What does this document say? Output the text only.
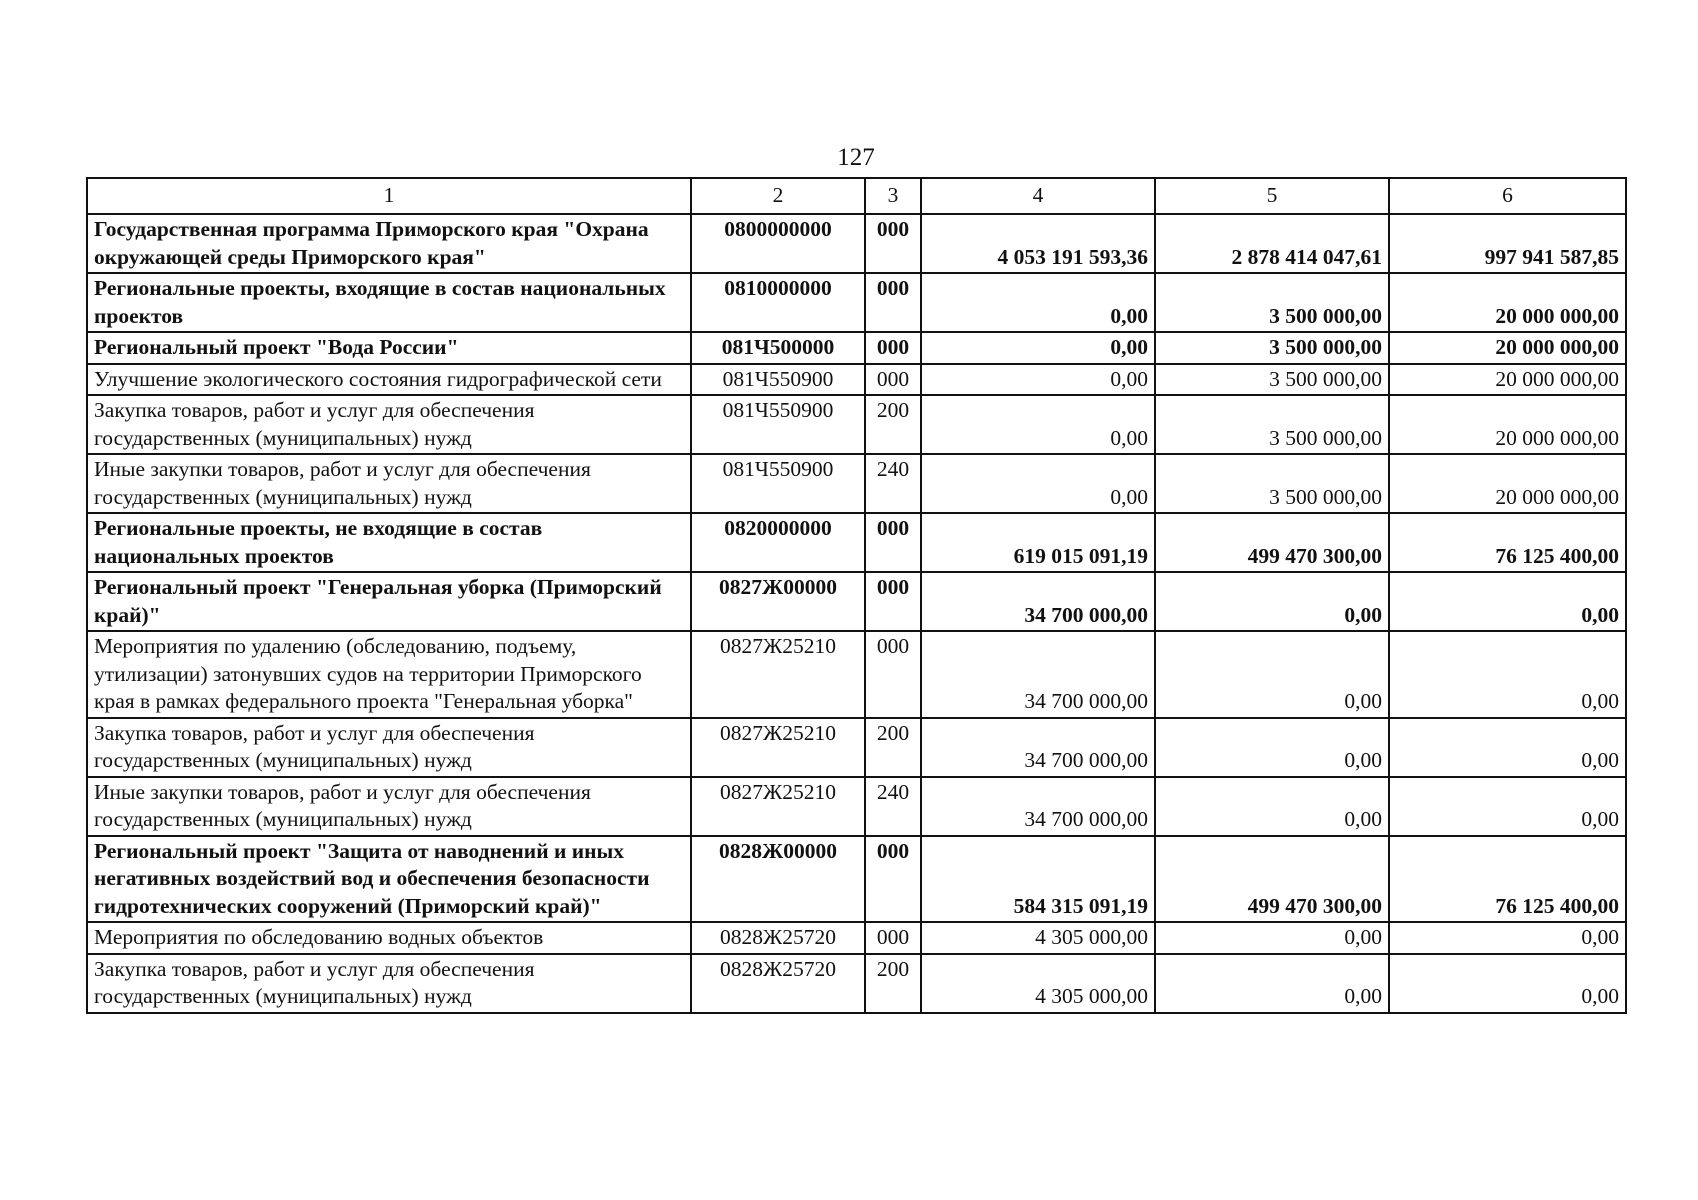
127
1	2	3	4	5	6
Государственная программа Приморского края "Охрана окружающей среды Приморского края"	0800000000	000	4 053 191 593,36	2 878 414 047,61	997 941 587,85
Региональные проекты, входящие в состав национальных проектов	0810000000	000	0,00	3 500 000,00	20 000 000,00
Региональный проект "Вода России"	081Ч500000	000	0,00	3 500 000,00	20 000 000,00
Улучшение экологического состояния гидрографической сети	081Ч550900	000	0,00	3 500 000,00	20 000 000,00
Закупка товаров, работ и услуг для обеспечения государственных (муниципальных) нужд	081Ч550900	200	0,00	3 500 000,00	20 000 000,00
Иные закупки товаров, работ и услуг для обеспечения государственных (муниципальных) нужд	081Ч550900	240	0,00	3 500 000,00	20 000 000,00
Региональные проекты, не входящие в состав национальных проектов	0820000000	000	619 015 091,19	499 470 300,00	76 125 400,00
Региональный проект "Генеральная уборка (Приморский край)"	0827Ж00000	000	34 700 000,00	0,00	0,00
Мероприятия по удалению (обследованию, подъему, утилизации) затонувших судов на территории Приморского края в рамках федерального проекта "Генеральная уборка"	0827Ж25210	000	34 700 000,00	0,00	0,00
Закупка товаров, работ и услуг для обеспечения государственных (муниципальных) нужд	0827Ж25210	200	34 700 000,00	0,00	0,00
Иные закупки товаров, работ и услуг для обеспечения государственных (муниципальных) нужд	0827Ж25210	240	34 700 000,00	0,00	0,00
Региональный проект "Защита от наводнений и иных негативных воздействий вод и обеспечения безопасности гидротехнических сооружений (Приморский край)"	0828Ж00000	000	584 315 091,19	499 470 300,00	76 125 400,00
Мероприятия по обследованию водных объектов	0828Ж25720	000	4 305 000,00	0,00	0,00
Закупка товаров, работ и услуг для обеспечения государственных (муниципальных) нужд	0828Ж25720	200	4 305 000,00	0,00	0,00
